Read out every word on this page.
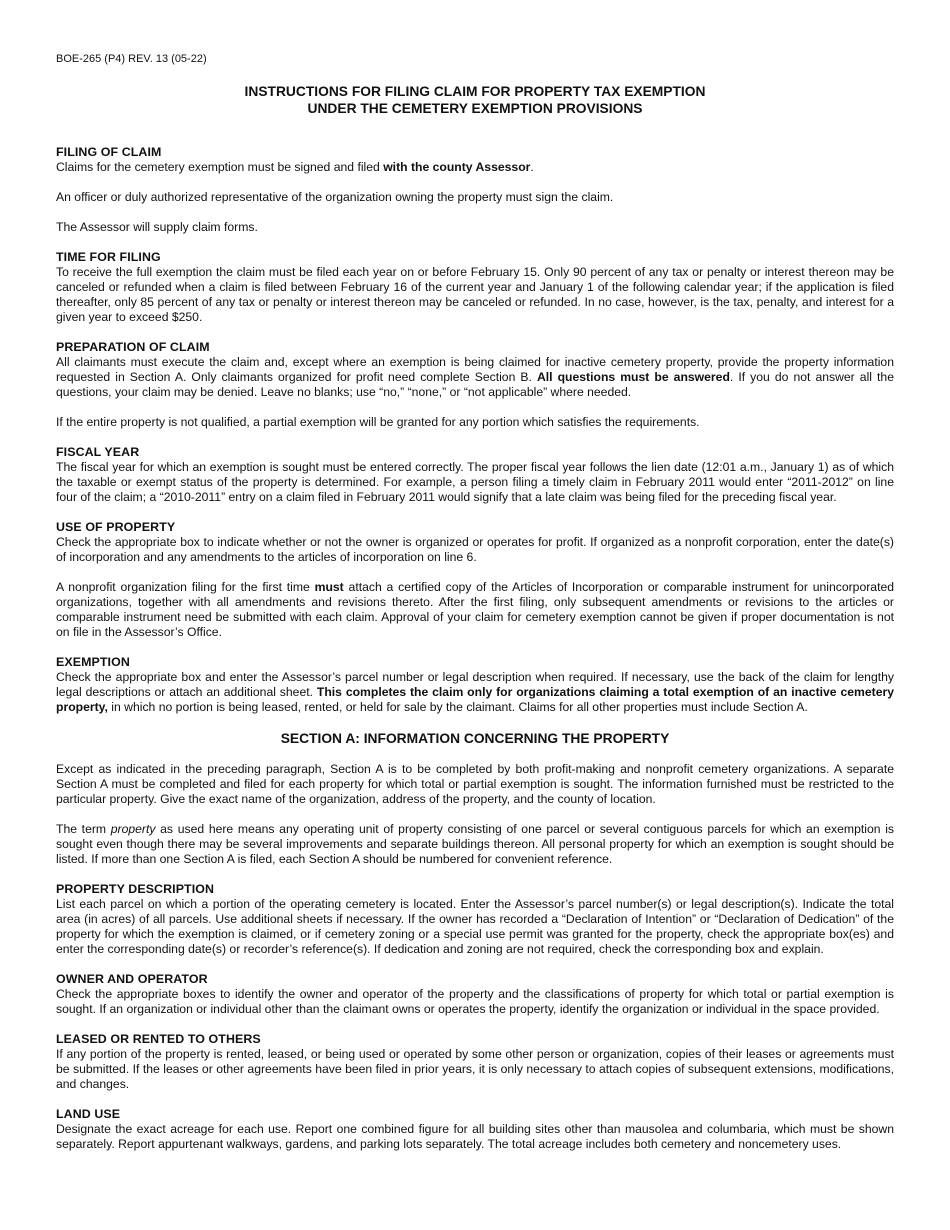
BOE-265 (P4) REV. 13 (05-22)
INSTRUCTIONS FOR FILING CLAIM FOR PROPERTY TAX EXEMPTION
UNDER THE CEMETERY EXEMPTION PROVISIONS
FILING OF CLAIM

Claims for the cemetery exemption must be signed and filed with the county Assessor.

An officer or duly authorized representative of the organization owning the property must sign the claim.

The Assessor will supply claim forms.

TIME FOR FILING

To receive the full exemption the claim must be filed each year on or before February 15. Only 90 percent of any tax or penalty or interest thereon may be canceled or refunded when a claim is filed between February 16 of the current year and January 1 of the following calendar year; if the application is filed thereafter, only 85 percent of any tax or penalty or interest thereon may be canceled or refunded. In no case, however, is the tax, penalty, and interest for a given year to exceed $250.

PREPARATION OF CLAIM

All claimants must execute the claim and, except where an exemption is being claimed for inactive cemetery property, provide the property information requested in Section A. Only claimants organized for profit need complete Section B. All questions must be answered. If you do not answer all the questions, your claim may be denied. Leave no blanks; use “no,” “none,” or “not applicable” where needed.

If the entire property is not qualified, a partial exemption will be granted for any portion which satisfies the requirements.

FISCAL YEAR

The fiscal year for which an exemption is sought must be entered correctly. The proper fiscal year follows the lien date (12:01 a.m., January 1) as of which the taxable or exempt status of the property is determined. For example, a person filing a timely claim in February 2011 would enter “2011-2012” on line four of the claim; a “2010-2011” entry on a claim filed in February 2011 would signify that a late claim was being filed for the preceding fiscal year.

USE OF PROPERTY

Check the appropriate box to indicate whether or not the owner is organized or operates for profit. If organized as a nonprofit corporation, enter the date(s) of incorporation and any amendments to the articles of incorporation on line 6.

A nonprofit organization filing for the first time must attach a certified copy of the Articles of Incorporation or comparable instrument for unincorporated organizations, together with all amendments and revisions thereto. After the first filing, only subsequent amendments or revisions to the articles or comparable instrument need be submitted with each claim. Approval of your claim for cemetery exemption cannot be given if proper documentation is not on file in the Assessor’s Office.

EXEMPTION

Check the appropriate box and enter the Assessor’s parcel number or legal description when required. If necessary, use the back of the claim for lengthy legal descriptions or attach an additional sheet. This completes the claim only for organizations claiming a total exemption of an inactive cemetery property, in which no portion is being leased, rented, or held for sale by the claimant. Claims for all other properties must include Section A.

SECTION A: INFORMATION CONCERNING THE PROPERTY

Except as indicated in the preceding paragraph, Section A is to be completed by both profit-making and nonprofit cemetery organizations. A separate Section A must be completed and filed for each property for which total or partial exemption is sought. The information furnished must be restricted to the particular property. Give the exact name of the organization, address of the property, and the county of location.

The term property as used here means any operating unit of property consisting of one parcel or several contiguous parcels for which an exemption is sought even though there may be several improvements and separate buildings thereon. All personal property for which an exemption is sought should be listed. If more than one Section A is filed, each Section A should be numbered for convenient reference.

PROPERTY DESCRIPTION

List each parcel on which a portion of the operating cemetery is located. Enter the Assessor’s parcel number(s) or legal description(s). Indicate the total area (in acres) of all parcels. Use additional sheets if necessary. If the owner has recorded a “Declaration of Intention” or “Declaration of Dedication” of the property for which the exemption is claimed, or if cemetery zoning or a special use permit was granted for the property, check the appropriate box(es) and enter the corresponding date(s) or recorder’s reference(s). If dedication and zoning are not required, check the corresponding box and explain.

OWNER AND OPERATOR

Check the appropriate boxes to identify the owner and operator of the property and the classifications of property for which total or partial exemption is sought. If an organization or individual other than the claimant owns or operates the property, identify the organization or individual in the space provided.

LEASED OR RENTED TO OTHERS

If any portion of the property is rented, leased, or being used or operated by some other person or organization, copies of their leases or agreements must be submitted. If the leases or other agreements have been filed in prior years, it is only necessary to attach copies of subsequent extensions, modifications, and changes.

LAND USE

Designate the exact acreage for each use. Report one combined figure for all building sites other than mausolea and columbaria, which must be shown separately. Report appurtenant walkways, gardens, and parking lots separately. The total acreage includes both cemetery and noncemetery uses.
